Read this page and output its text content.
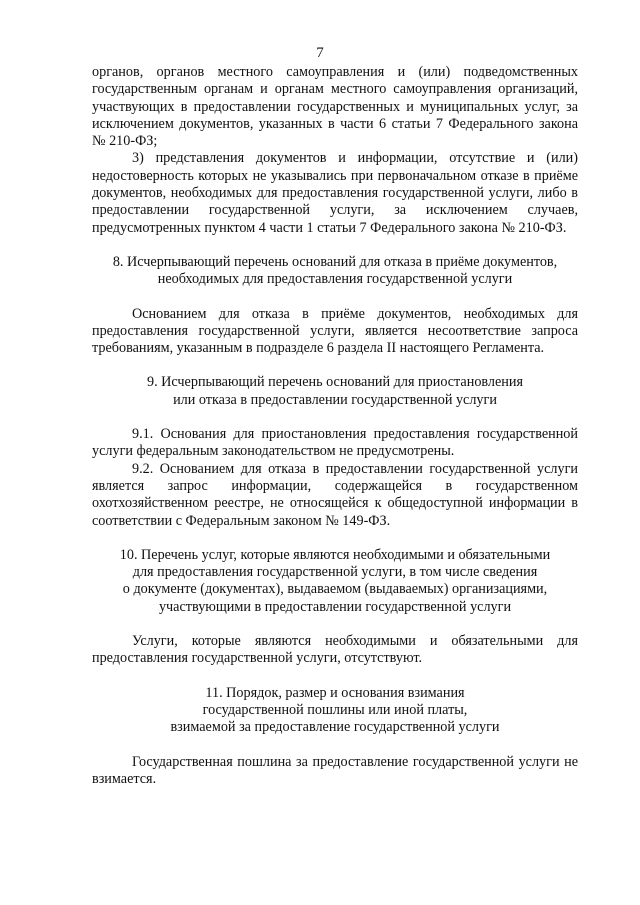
7

органов, органов местного самоуправления и (или) подведомственных государственным органам и органам местного самоуправления организаций, участвующих в предоставлении государственных и муниципальных услуг, за исключением документов, указанных в части 6 статьи 7 Федерального закона № 210-ФЗ;

3) представления документов и информации, отсутствие и (или) недостоверность которых не указывались при первоначальном отказе в приёме документов, необходимых для предоставления государственной услуги, либо в предоставлении государственной услуги, за исключением случаев, предусмотренных пунктом 4 части 1 статьи 7 Федерального закона № 210-ФЗ.

8. Исчерпывающий перечень оснований для отказа в приёме документов,
необходимых для предоставления государственной услуги

Основанием для отказа в приёме документов, необходимых для предоставления государственной услуги, является несоответствие запроса требованиям, указанным в подразделе 6 раздела II настоящего Регламента.

9. Исчерпывающий перечень оснований для приостановления
или отказа в предоставлении государственной услуги

9.1. Основания для приостановления предоставления государственной услуги федеральным законодательством не предусмотрены.

9.2. Основанием для отказа в предоставлении государственной услуги является запрос информации, содержащейся в государственном охотхозяйственном реестре, не относящейся к общедоступной информации в соответствии с Федеральным законом № 149-ФЗ.

10. Перечень услуг, которые являются необходимыми и обязательными
для предоставления государственной услуги, в том числе сведения
о документе (документах), выдаваемом (выдаваемых) организациями,
участвующими в предоставлении государственной услуги

Услуги, которые являются необходимыми и обязательными для предоставления государственной услуги, отсутствуют.

11. Порядок, размер и основания взимания
государственной пошлины или иной платы,
взимаемой за предоставление государственной услуги

Государственная пошлина за предоставление государственной услуги не взимается.
